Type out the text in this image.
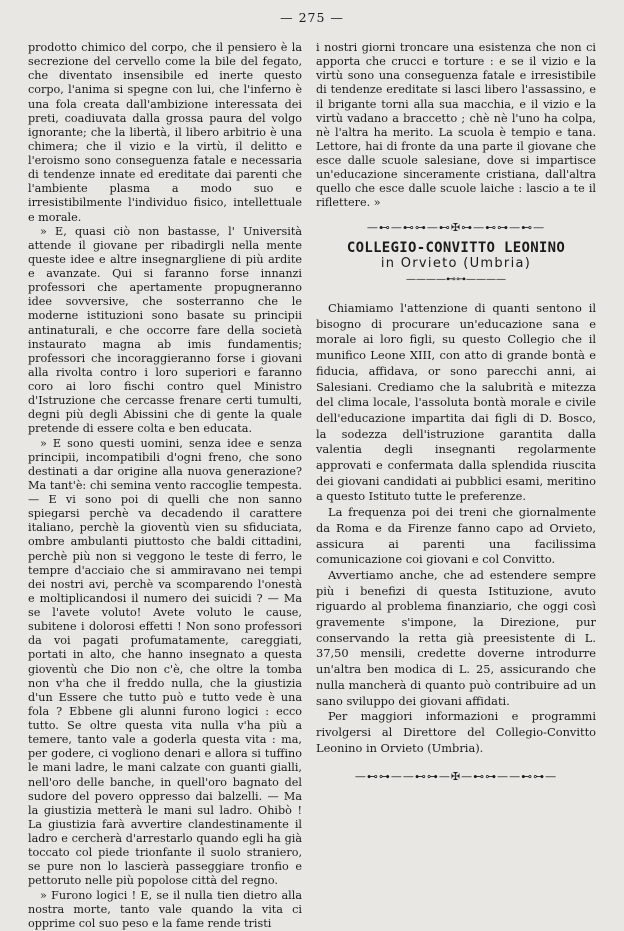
— 275 —

prodotto chimico del corpo, che il pensiero è la secrezione del cervello come la bile del fegato, che diventato insensibile ed inerte questo corpo, l'anima si spegne con lui, che l'inferno è una fola creata dall'ambizione interessata dei preti, coadiuvata dalla grossa paura del volgo ignorante; che la libertà, il libero arbitrio è una chimera; che il vizio e la virtù, il delitto e l'eroismo sono conseguenza fatale e necessaria di tendenze innate ed ereditate dai parenti che l'ambiente plasma a modo suo e irresistibilmente l'individuo fisico, intellettuale e morale.

» E, quasi ciò non bastasse, l' Università attende il giovane per ribadirgli nella mente queste idee e altre insegnargliene di più ardite e avanzate. Qui si faranno forse innanzi professori che apertamente propugneranno idee sovversive, che sosterranno che le moderne istituzioni sono basate su principii antinaturali, e che occorre fare della società instaurato magna ab imis fundamentis; professori che incoraggieranno forse i giovani alla rivolta contro i loro superiori e faranno coro ai loro fischi contro quel Ministro d'Istruzione che cercasse frenare certi tumulti, degni più degli Abissini che di gente la quale pretende di essere colta e ben educata.

» E sono questi uomini, senza idee e senza principii, incompatibili d'ogni freno, che sono destinati a dar origine alla nuova generazione? Ma tant'è: chi semina vento raccoglie tempesta. — E vi sono poi di quelli che non sanno spiegarsi perchè va decadendo il carattere italiano, perchè la gioventù vien su sfiduciata, ombre ambulanti piuttosto che baldi cittadini, perchè più non si veggono le teste di ferro, le tempre d'acciaio che si ammiravano nei tempi dei nostri avi, perchè va scomparendo l'onestà e moltiplicandosi il numero dei suicidi ? — Ma se l'avete voluto! Avete voluto le cause, subitene i dolorosi effetti ! Non sono professori da voi pagati profumatamente, careggiati, portati in alto, che hanno insegnato a questa gioventù che Dio non c'è, che oltre la tomba non v'ha che il freddo nulla, che la giustizia d'un Essere che tutto può e tutto vede è una fola ? Ebbene gli alunni furono logici : ecco tutto. Se oltre questa vita nulla v'ha più a temere, tanto vale a goderla questa vita : ma, per godere, ci vogliono denari e allora si tuffino le mani ladre, le mani calzate con guanti gialli, nell'oro delle banche, in quell'oro bagnato del sudore del povero oppresso dai balzelli. — Ma la giustizia metterà le mani sul ladro. Ohibò ! La giustizia farà avvertire clandestinamente il ladro e cercherà d'arrestarlo quando egli ha già toccato col piede trionfante il suolo straniero, se pure non lo lascierà passeggiare tronfio e pettoruto nelle più popolose città del regno.

» Furono logici ! E, se il nulla tien dietro alla nostra morte, tanto vale quando la vita ci opprime col suo peso e la fame rende tristi

i nostri giorni troncare una esistenza che non ci apporta che crucci e torture : e se il vizio e la virtù sono una conseguenza fatale e irresistibile di tendenze ereditate si lasci libero l'assassino, e il brigante torni alla sua macchia, e il vizio e la virtù vadano a braccetto ; chè nè l'uno ha colpa, nè l'altra ha merito. La scuola è tempio e tana. Lettore, hai di fronte da una parte il giovane che esce dalle scuole salesiane, dove si impartisce un'educazione sinceramente cristiana, dall'altra quello che esce dalle scuole laiche : lascio a te il riflettere. »

—⊷—⊷⊶—⊷✠⊶—⊷⊶—⊷—
COLLEGIO-CONVITTO LEONINO
in Orvieto (Umbria)
————⊷⊶————

Chiamiamo l'attenzione di quanti sentono il bisogno di procurare un'educazione sana e morale ai loro figli, su questo Collegio che il munifico Leone XIII, con atto di grande bontà e fiducia, affidava, or sono parecchi anni, ai Salesiani. Crediamo che la salubrità e mitezza del clima locale, l'assoluta bontà morale e civile dell'educazione impartita dai figli di D. Bosco, la sodezza dell'istruzione garantita dalla valentia degli insegnanti regolarmente approvati e confermata dalla splendida riuscita dei giovani candidati ai pubblici esami, meritino a questo Istituto tutte le preferenze.

La frequenza poi dei treni che giornalmente da Roma e da Firenze fanno capo ad Orvieto, assicura ai parenti una facilissima comunicazione coi giovani e col Convitto.

Avvertiamo anche, che ad estendere sempre più i benefizi di questa Istituzione, avuto riguardo al problema finanziario, che oggi così gravemente s'impone, la Direzione, pur conservando la retta già preesistente di L. 37,50 mensili, credette doverne introdurre un'altra ben modica di L. 25, assicurando che nulla mancherà di quanto può contribuire ad un sano sviluppo dei giovani affidati.

Per maggiori informazioni e programmi rivolgersi al Direttore del Collegio-Convitto Leonino in Orvieto (Umbria).

—⊷⊶——⊷⊶—✠—⊷⊶——⊷⊶—
